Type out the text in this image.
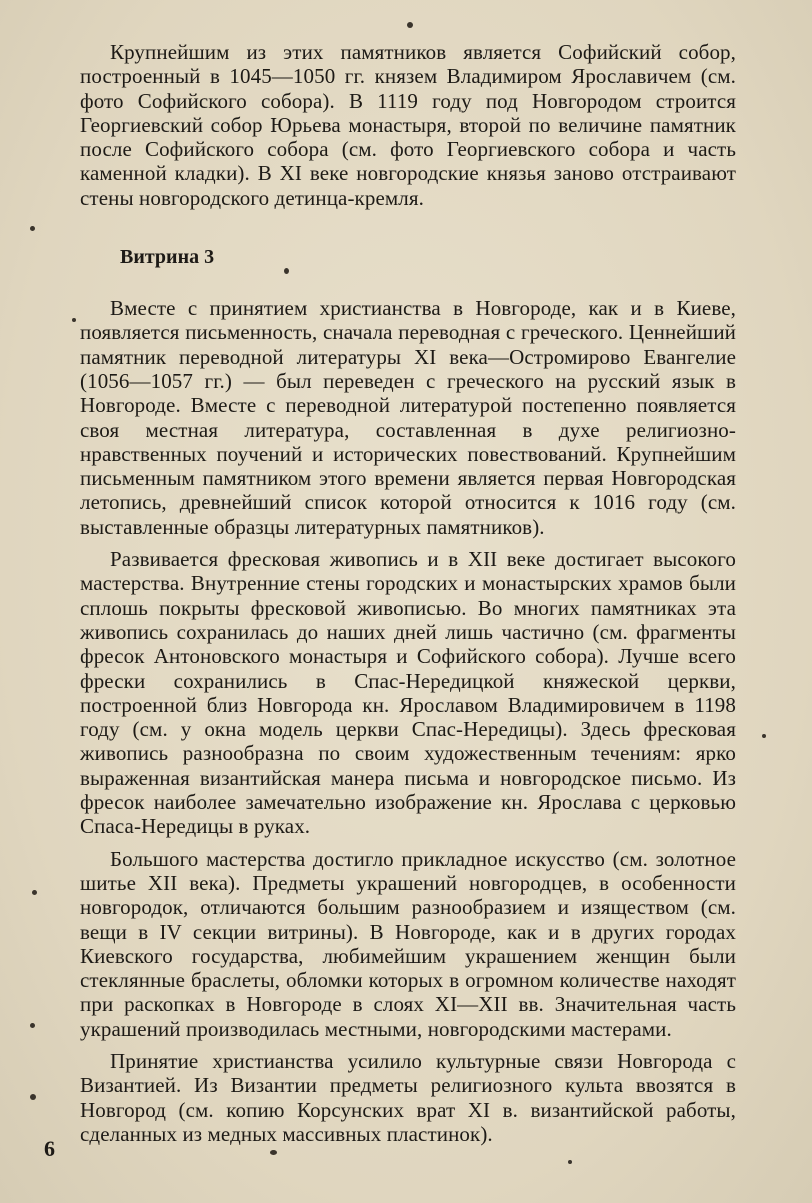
Крупнейшим из этих памятников является Софийский собор, построенный в 1045—1050 гг. князем Владимиром Ярославичем (см. фото Софийского собора). В 1119 году под Новгородом строится Георгиевский собор Юрьева монастыря, второй по величине памятник после Софийского собора (см. фото Георгиевского собора и часть каменной кладки). В XI веке новгородские князья заново отстраивают стены новгородского детинца-кремля.

Витрина 3

Вместе с принятием христианства в Новгороде, как и в Киеве, появляется письменность, сначала переводная с греческого. Ценнейший памятник переводной литературы XI века—Остромирово Евангелие (1056—1057 гг.) — был переведен с греческого на русский язык в Новгороде. Вместе с переводной литературой постепенно появляется своя местная литература, составленная в духе религиозно-нравственных поучений и исторических повествований. Крупнейшим письменным памятником этого времени является первая Новгородская летопись, древнейший список которой относится к 1016 году (см. выставленные образцы литературных памятников).

Развивается фресковая живопись и в XII веке достигает высокого мастерства. Внутренние стены городских и монастырских храмов были сплошь покрыты фресковой живописью. Во многих памятниках эта живопись сохранилась до наших дней лишь частично (см. фрагменты фресок Антоновского монастыря и Софийского собора). Лучше всего фрески сохранились в Спас-Нередицкой княжеской церкви, построенной близ Новгорода кн. Ярославом Владимировичем в 1198 году (см. у окна модель церкви Спас-Нередицы). Здесь фресковая живопись разнообразна по своим художественным течениям: ярко выраженная византийская манера письма и новгородское письмо. Из фресок наиболее замечательно изображение кн. Ярослава с церковью Спаса-Нередицы в руках.

Большого мастерства достигло прикладное искусство (см. золотное шитье XII века). Предметы украшений новгородцев, в особенности новгородок, отличаются большим разнообразием и изяществом (см. вещи в IV секции витрины). В Новгороде, как и в других городах Киевского государства, любимейшим украшением женщин были стеклянные браслеты, обломки которых в огромном количестве находят при раскопках в Новгороде в слоях XI—XII вв. Значительная часть украшений производилась местными, новгородскими мастерами.

Принятие христианства усилило культурные связи Новгорода с Византией. Из Византии предметы религиозного культа ввозятся в Новгород (см. копию Корсунских врат XI в. византийской работы, сделанных из медных массивных пластинок).

6
